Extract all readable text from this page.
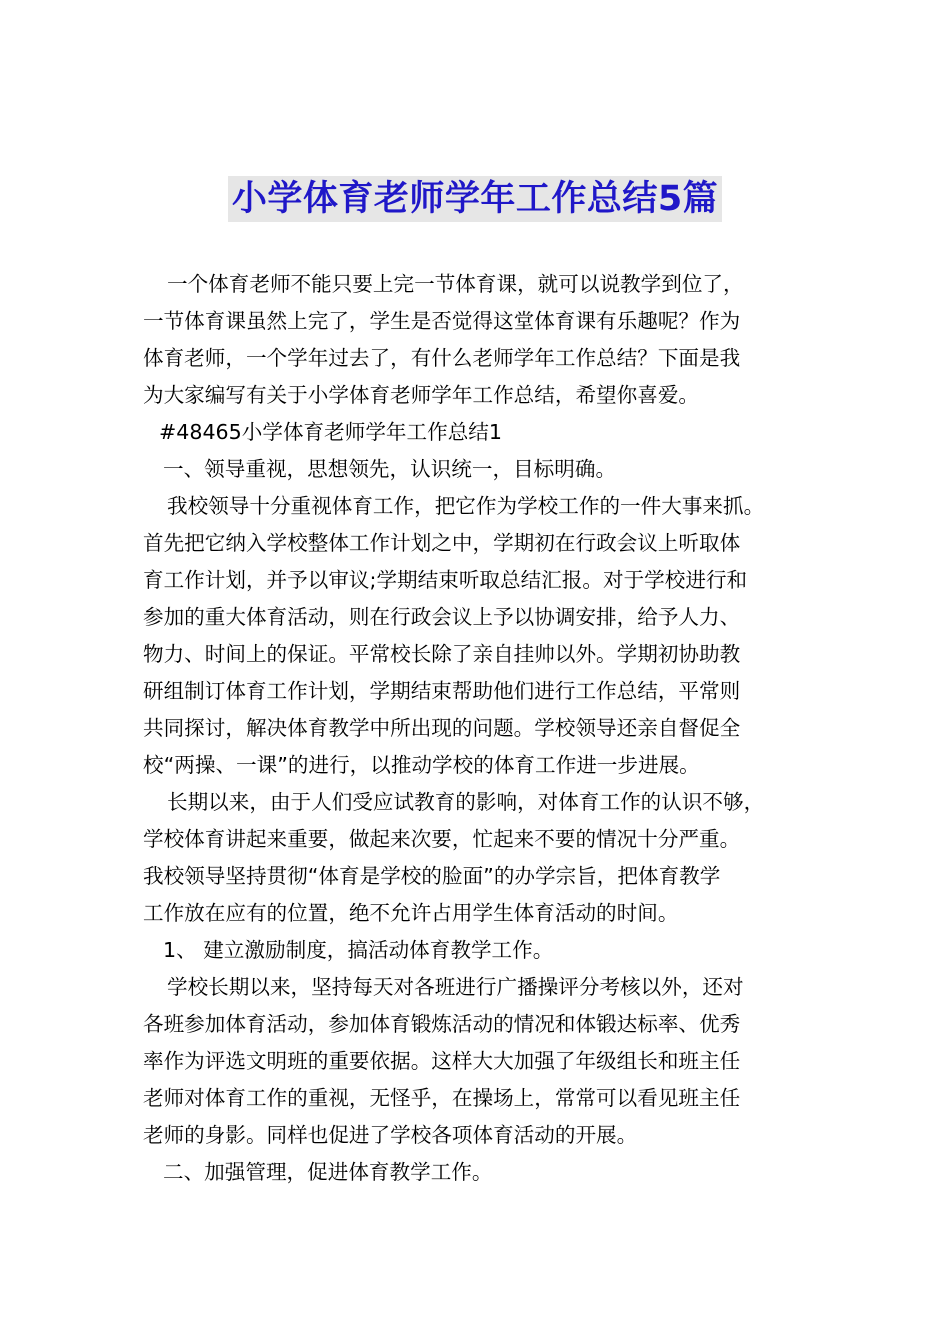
小学体育老师学年工作总结5篇

一个体育老师不能只要上完一节体育课，就可以说教学到位了，

一节体育课虽然上完了，学生是否觉得这堂体育课有乐趣呢？作为

体育老师，一个学年过去了，有什么老师学年工作总结？下面是我

为大家编写有关于小学体育老师学年工作总结，希望你喜爱。

#48465小学体育老师学年工作总结1

一、领导重视，思想领先，认识统一，目标明确。

我校领导十分重视体育工作，把它作为学校工作的一件大事来抓。

首先把它纳入学校整体工作计划之中，学期初在行政会议上听取体

育工作计划，并予以审议;学期结束听取总结汇报。对于学校进行和

参加的重大体育活动，则在行政会议上予以协调安排，给予人力、

物力、时间上的保证。平常校长除了亲自挂帅以外。学期初协助教

研组制订体育工作计划，学期结束帮助他们进行工作总结，平常则

共同探讨，解决体育教学中所出现的问题。学校领导还亲自督促全

校“两操、一课”的进行，以推动学校的体育工作进一步进展。

长期以来，由于人们受应试教育的影响，对体育工作的认识不够，

学校体育讲起来重要，做起来次要，忙起来不要的情况十分严重。

我校领导坚持贯彻“体育是学校的脸面”的办学宗旨，把体育教学

工作放在应有的位置，绝不允许占用学生体育活动的时间。

1、 建立激励制度，搞活动体育教学工作。

学校长期以来，坚持每天对各班进行广播操评分考核以外，还对

各班参加体育活动，参加体育锻炼活动的情况和体锻达标率、优秀

率作为评选文明班的重要依据。这样大大加强了年级组长和班主任

老师对体育工作的重视，无怪乎，在操场上，常常可以看见班主任

老师的身影。同样也促进了学校各项体育活动的开展。

二、加强管理，促进体育教学工作。
